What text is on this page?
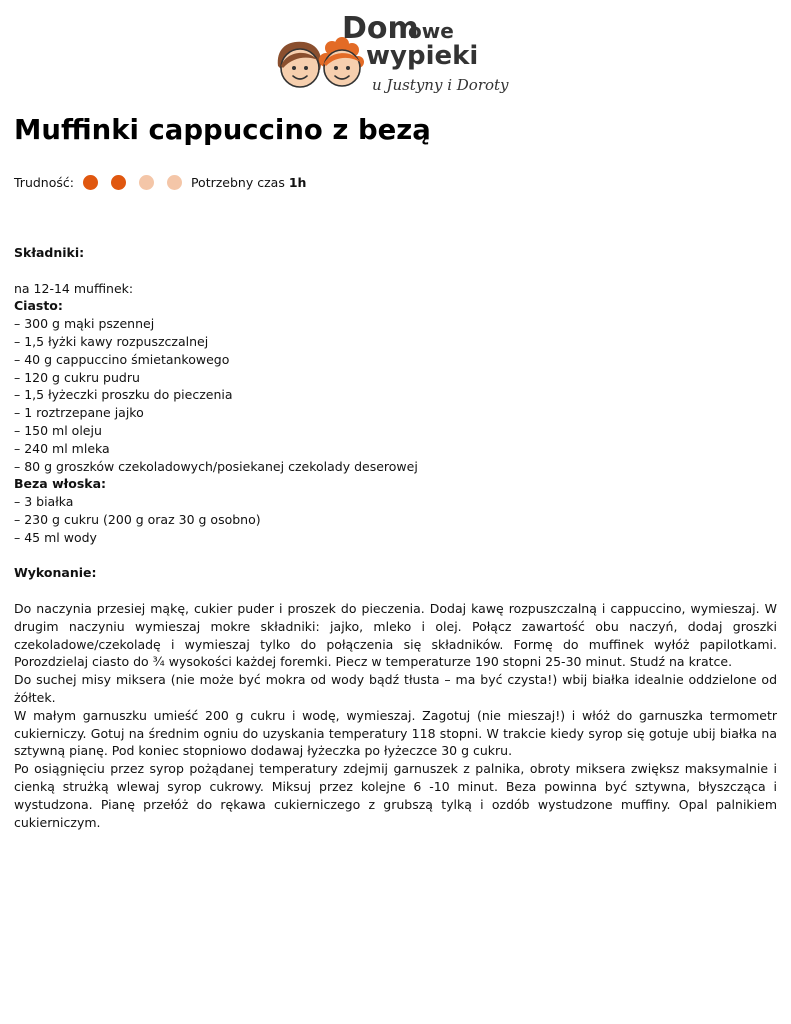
Dom
owe
wypieki
u Justyny i Doroty
Muffinki cappuccino z bezą
Trudność:	Potrzebny czas 1h

Składniki:

na 12-14 muffinek:

Ciasto:

– 300 g mąki pszennej

– 1,5 łyżki kawy rozpuszczalnej

– 40 g cappuccino śmietankowego

– 120 g cukru pudru

– 1,5 łyżeczki proszku do pieczenia

– 1 roztrzepane jajko

– 150 ml oleju

– 240 ml mleka

– 80 g groszków czekoladowych/posiekanej czekolady deserowej

Beza włoska:

– 3 białka

– 230 g cukru (200 g oraz 30 g osobno)

– 45 ml wody

Wykonanie:

Do naczynia przesiej mąkę, cukier puder i proszek do pieczenia. Dodaj kawę rozpuszczalną i cappuccino, wymieszaj. W drugim naczyniu wymieszaj mokre składniki: jajko, mleko i olej. Połącz zawartość obu naczyń, dodaj groszki czekoladowe/czekoladę i wymieszaj tylko do połączenia się składników. Formę do muffinek wyłóż papilotkami. Porozdzielaj ciasto do ¾ wysokości każdej foremki. Piecz w temperaturze 190 stopni 25-30 minut. Studź na kratce.

Do suchej misy miksera (nie może być mokra od wody bądź tłusta – ma być czysta!) wbij białka idealnie oddzielone od żółtek.

W małym garnuszku umieść 200 g cukru i wodę, wymieszaj. Zagotuj (nie mieszaj!) i włóż do garnuszka termometr cukierniczy. Gotuj na średnim ogniu do uzyskania temperatury 118 stopni. W trakcie kiedy syrop się gotuje ubij białka na sztywną pianę. Pod koniec stopniowo dodawaj łyżeczka po łyżeczce 30 g cukru.

Po osiągnięciu przez syrop pożądanej temperatury zdejmij garnuszek z palnika, obroty miksera zwiększ maksymalnie i cienką strużką wlewaj syrop cukrowy. Miksuj przez kolejne 6 -10 minut. Beza powinna być sztywna, błyszcząca i wystudzona. Pianę przełóż do rękawa cukierniczego z grubszą tylką i ozdób wystudzone muffiny. Opal palnikiem cukierniczym.
